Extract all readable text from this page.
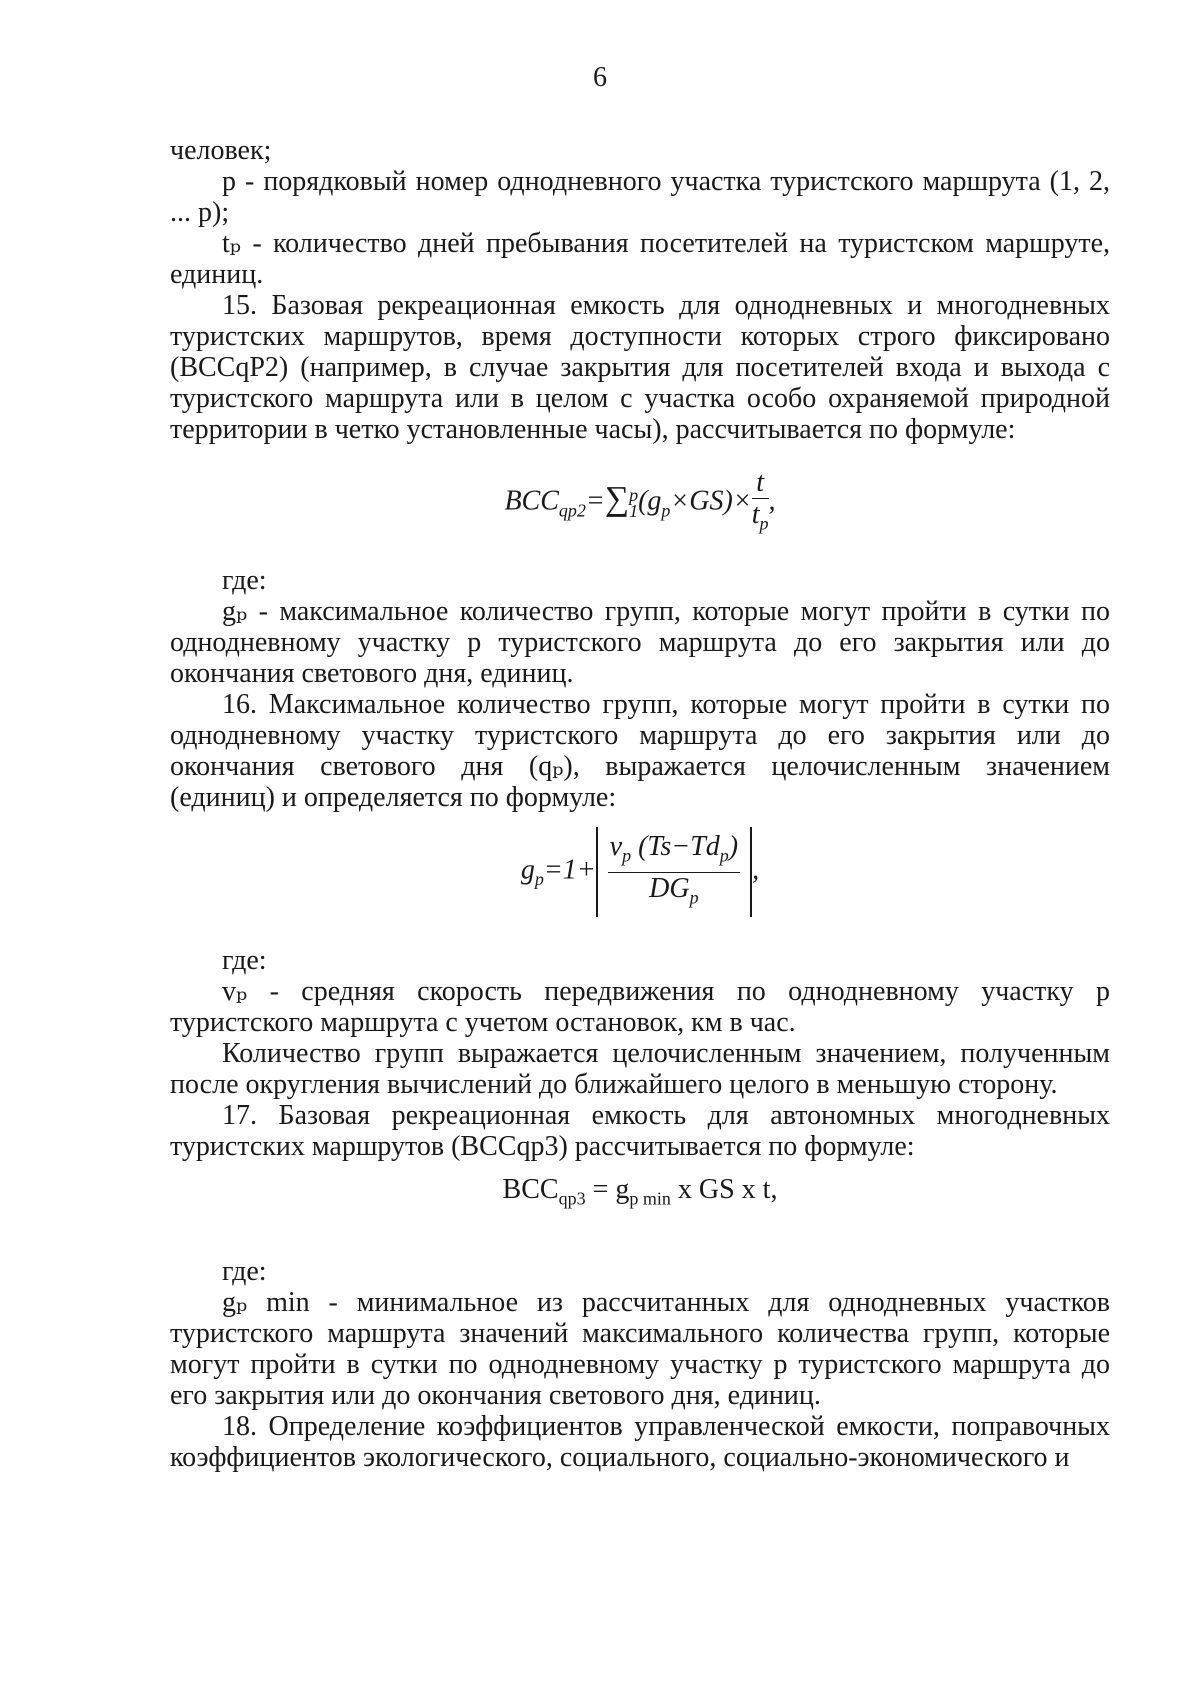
6

человек;

p - порядковый номер однодневного участка туристского маршрута (1, 2, ... p);

tₚ - количество дней пребывания посетителей на туристском маршруте, единиц.

15. Базовая рекреационная емкость для однодневных и многодневных туристских маршрутов, время доступности которых строго фиксировано (BCCqP2) (например, в случае закрытия для посетителей входа и выхода с туристского маршрута или в целом с участка особо охраняемой природной территории в четко установленные часы), рассчитывается по формуле:

$BCC_{qp2}=\sum$ p
1 $(g_p\times GS)\times \frac{t}{t_p}$ ,

где:

gₚ - максимальное количество групп, которые могут пройти в сутки по однодневному участку p туристского маршрута до его закрытия или до окончания светового дня, единиц.

16. Максимальное количество групп, которые могут пройти в сутки по однодневному участку туристского маршрута до его закрытия или до окончания светового дня (qₚ), выражается целочисленным значением (единиц) и определяется по формуле:

$g_p=1+ \frac{v_p (Ts-Td_p)}{DG_p}$ ,

где:

vₚ - средняя скорость передвижения по однодневному участку p туристского маршрута с учетом остановок, км в час.

Количество групп выражается целочисленным значением, полученным после округления вычислений до ближайшего целого в меньшую сторону.

17. Базовая рекреационная емкость для автономных многодневных туристских маршрутов (BCCqp3) рассчитывается по формуле:

$BCC_{qp3} = g_{p min}$ x GS x t,

где:

gₚ min - минимальное из рассчитанных для однодневных участков туристского маршрута значений максимального количества групп, которые могут пройти в сутки по однодневному участку p туристского маршрута до его закрытия или до окончания светового дня, единиц.

18. Определение коэффициентов управленческой емкости, поправочных коэффициентов экологического, социального, социально-экономического и
